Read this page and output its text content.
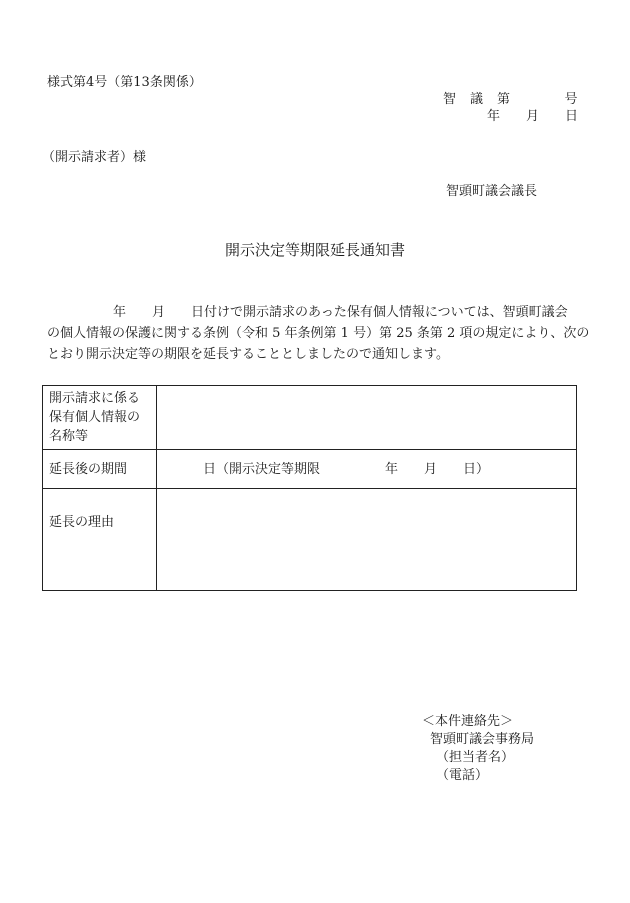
様式第4号（第13条関係）
智　議　第　　　　号
年　　月　　日
（開示請求者）様
智頭町議会議長
開示決定等期限延長通知書
年　　月　　日付けで開示請求のあった保有個人情報については、智頭町議会
の個人情報の保護に関する条例（令和 5 年条例第 1 号）第 25 条第 2 項の規定により、次の
とおり開示決定等の期限を延長することとしましたので通知します。
開示請求に係る
保有個人情報の
名称等	

延長後の期間	日（開示決定等期限　　　　　年　　月　　日）
延長の理由	
＜本件連絡先＞
智頭町議会事務局
（担当者名）
（電話）
